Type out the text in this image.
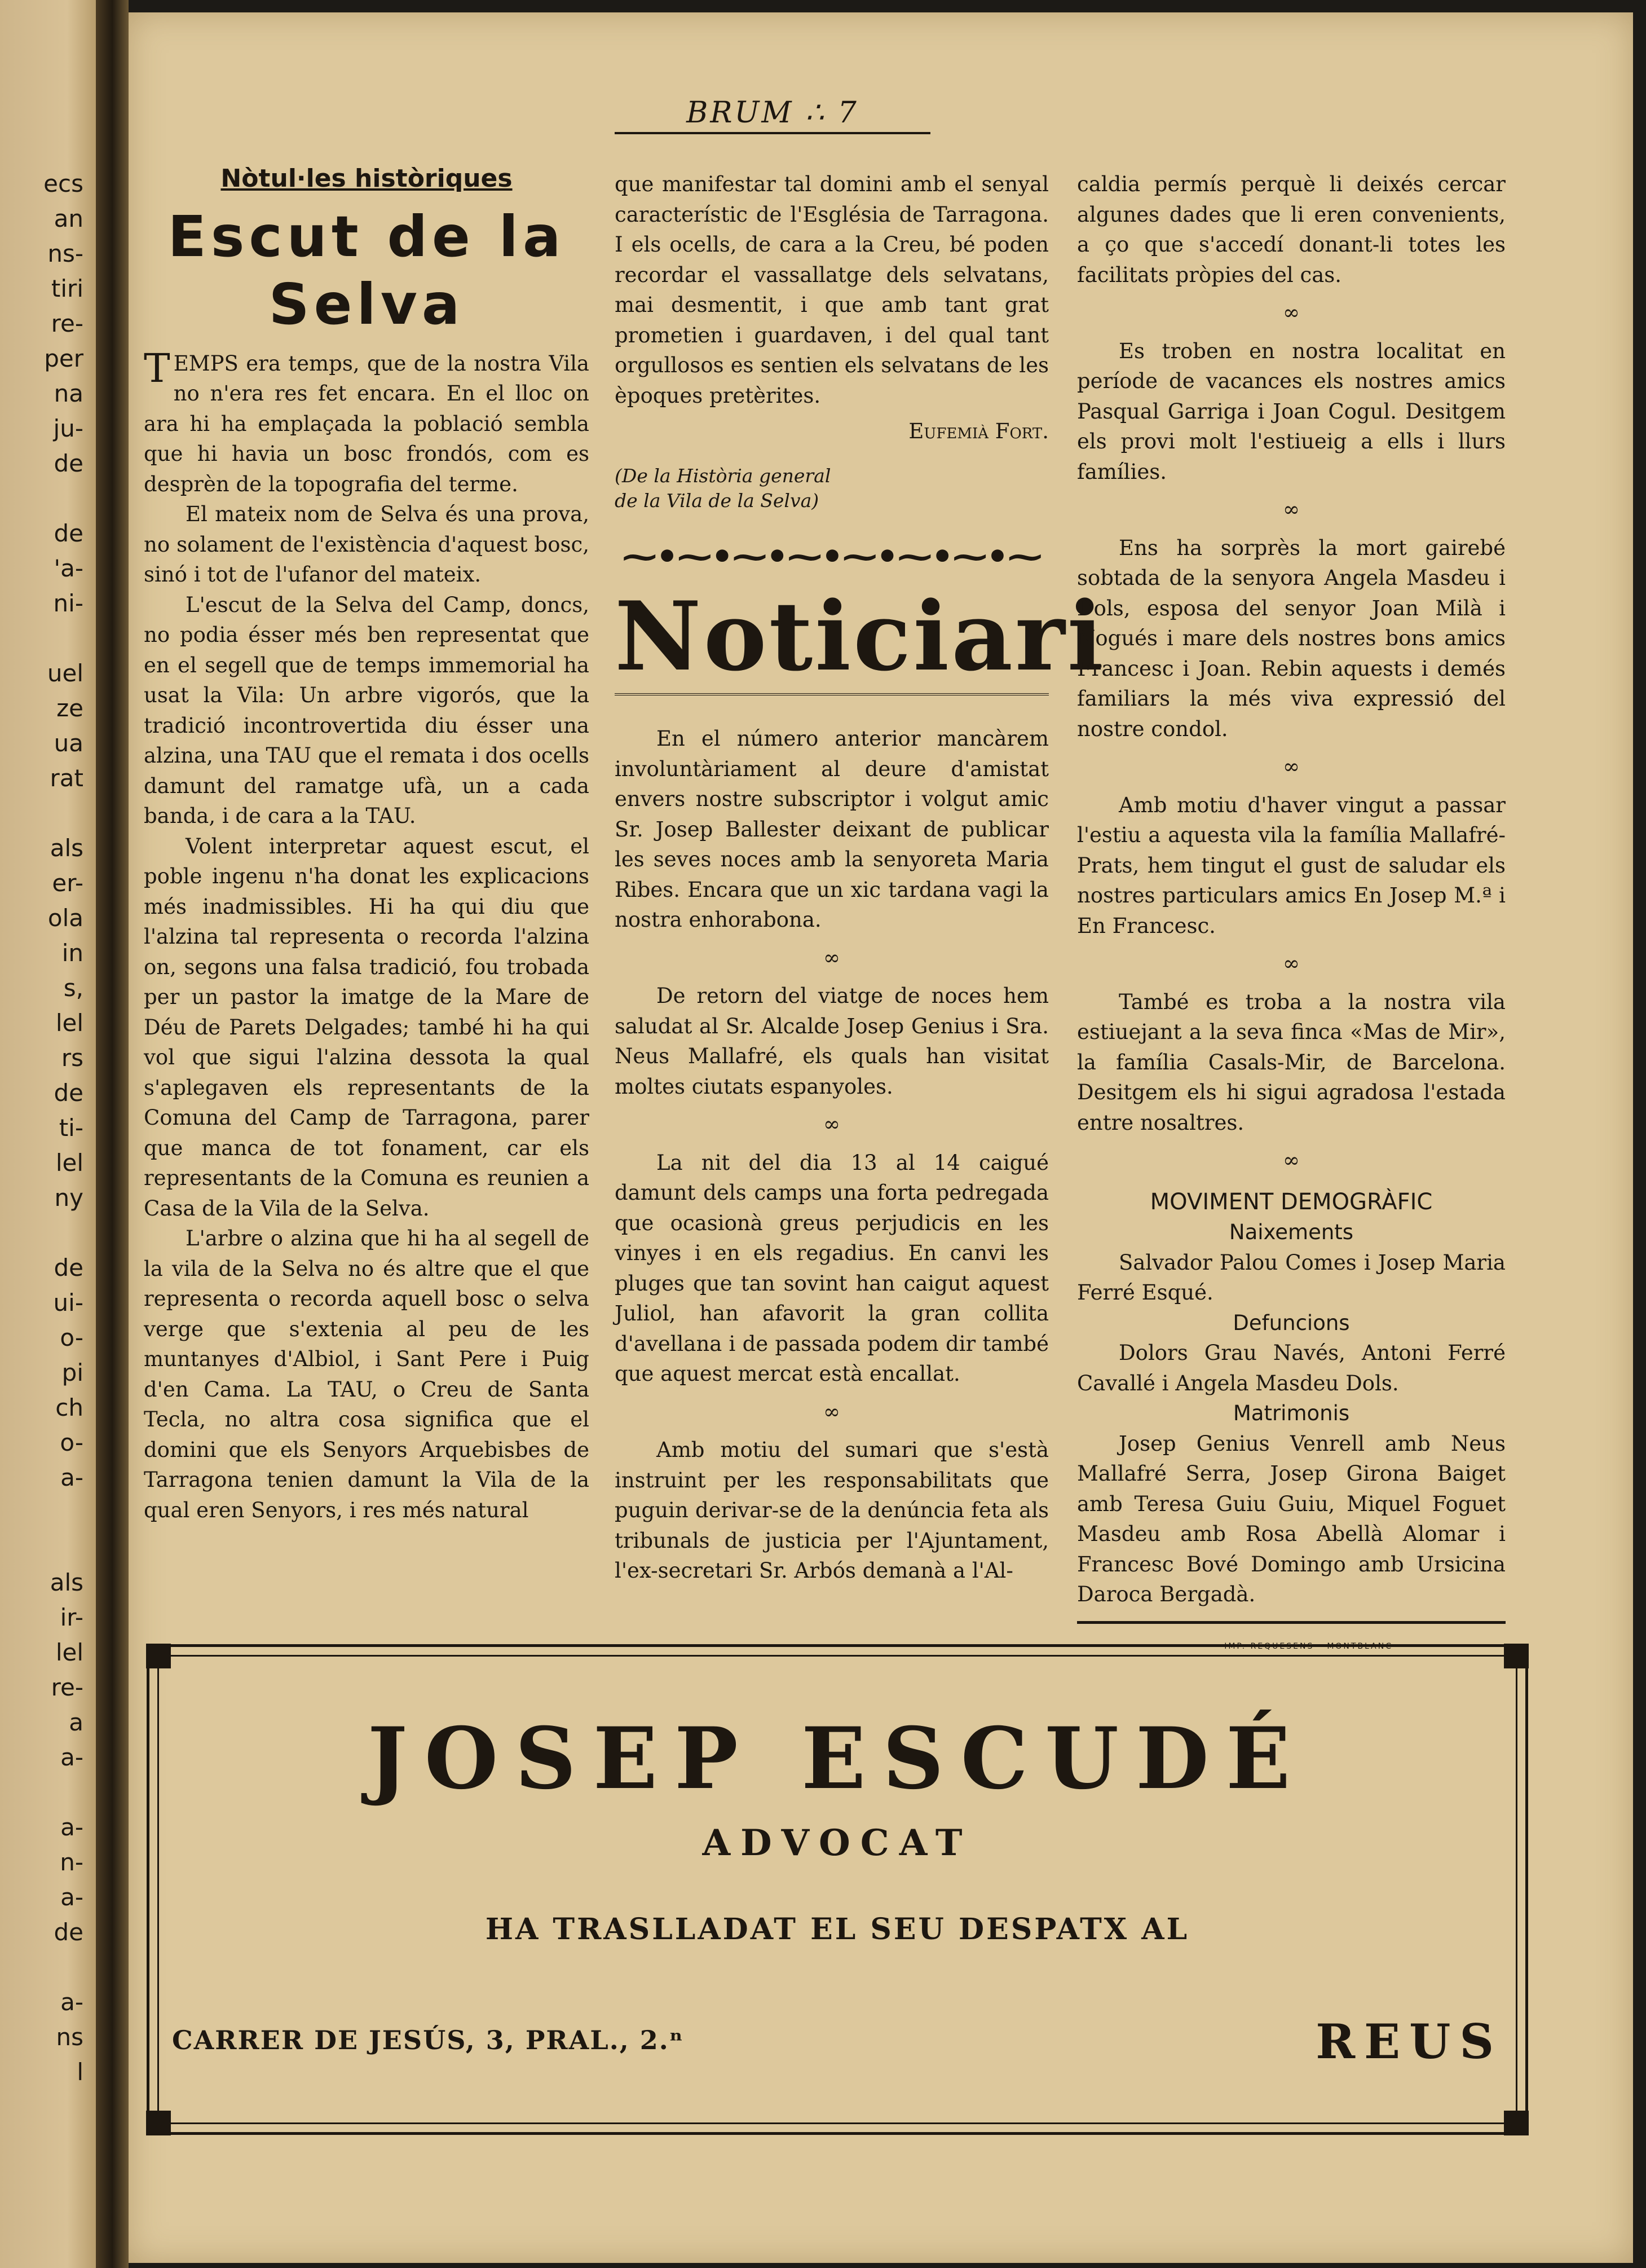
ecs
an
ns-
tiri
re-
per
na
ju-
de
de
'a-
ni-
uel
ze
ua
rat
als
er-
ola
in
s,
lel
rs
de
ti-
lel
ny
de
ui-
o-
pi
ch
o-
a-
als
ir-
lel
re-
a
a-
a-
n-
a-
de
a-
ns
l
BRUM ∴ 7
Nòtul·les històriques
Escut de la Selva

TEMPS era temps, que de la nostra Vila no n'era res fet encara. En el lloc on ara hi ha emplaçada la població sembla que hi havia un bosc frondós, com es desprèn de la topografia del terme.

El mateix nom de Selva és una prova, no solament de l'existència d'aquest bosc, sinó i tot de l'ufanor del mateix.

L'escut de la Selva del Camp, doncs, no podia ésser més ben representat que en el segell que de temps immemorial ha usat la Vila: Un arbre vigorós, que la tradició incontrovertida diu ésser una alzina, una TAU que el remata i dos ocells damunt del ramatge ufà, un a cada banda, i de cara a la TAU.

Volent interpretar aquest escut, el poble ingenu n'ha donat les explicacions més inadmissibles. Hi ha qui diu que l'alzina tal representa o recorda l'alzina on, segons una falsa tradició, fou trobada per un pastor la imatge de la Mare de Déu de Parets Delgades; també hi ha qui vol que sigui l'alzina dessota la qual s'aplegaven els representants de la Comuna del Camp de Tarragona, parer que manca de tot fonament, car els representants de la Comuna es reunien a Casa de la Vila de la Selva.

L'arbre o alzina que hi ha al segell de la vila de la Selva no és altre que el que representa o recorda aquell bosc o selva verge que s'extenia al peu de les muntanyes d'Albiol, i Sant Pere i Puig d'en Cama. La TAU, o Creu de Santa Tecla, no altra cosa significa que el domini que els Senyors Arquebisbes de Tarragona tenien damunt la Vila de la qual eren Senyors, i res més natural

que manifestar tal domini amb el senyal característic de l'Església de Tarragona. I els ocells, de cara a la Creu, bé poden recordar el vassallatge dels selvatans, mai desmentit, i que amb tant grat prometien i guardaven, i del qual tant orgullosos es sentien els selvatans de les èpoques pretèrites.

Eufemià Fort.
(De la Història general
de la Vila de la Selva)
⁓•⁓•⁓•⁓•⁓•⁓•⁓•⁓
Noticiari

En el número anterior mancàrem involuntàriament al deure d'amistat envers nostre subscriptor i volgut amic Sr. Josep Ballester deixant de publicar les seves noces amb la senyoreta Maria Ribes. Encara que un xic tardana vagi la nostra enhorabona.

∞

De retorn del viatge de noces hem saludat al Sr. Alcalde Josep Genius i Sra. Neus Mallafré, els quals han visitat moltes ciutats espanyoles.

∞

La nit del dia 13 al 14 caigué damunt dels camps una forta pedregada que ocasionà greus perjudicis en les vinyes i en els regadius. En canvi les pluges que tan sovint han caigut aquest Juliol, han afavorit la gran collita d'avellana i de passada podem dir també que aquest mercat està encallat.

∞

Amb motiu del sumari que s'està instruint per les responsabilitats que puguin derivar-se de la denúncia feta als tribunals de justicia per l'Ajuntament, l'ex-secretari Sr. Arbós demanà a l'Al-

caldia permís perquè li deixés cercar algunes dades que li eren convenients, a ço que s'accedí donant-li totes les facilitats pròpies del cas.

∞

Es troben en nostra localitat en període de vacances els nostres amics Pasqual Garriga i Joan Cogul. Desitgem els provi molt l'estiueig a ells i llurs famílies.

∞

Ens ha sorprès la mort gairebé sobtada de la senyora Angela Masdeu i Dols, esposa del senyor Joan Milà i Nogués i mare dels nostres bons amics Francesc i Joan. Rebin aquests i demés familiars la més viva expressió del nostre condol.

∞

Amb motiu d'haver vingut a passar l'estiu a aquesta vila la família Mallafré-Prats, hem tingut el gust de saludar els nostres particulars amics En Josep M.ª i En Francesc.

∞

També es troba a la nostra vila estiuejant a la seva finca «Mas de Mir», la família Casals-Mir, de Barcelona. Desitgem els hi sigui agradosa l'estada entre nosaltres.

∞
MOVIMENT DEMOGRÀFIC
Naixements

Salvador Palou Comes i Josep Maria Ferré Esqué.

Defuncions

Dolors Grau Navés, Antoni Ferré Cavallé i Angela Masdeu Dols.

Matrimonis

Josep Genius Venrell amb Neus Mallafré Serra, Josep Girona Baiget amb Teresa Guiu Guiu, Miquel Foguet Masdeu amb Rosa Abellà Alomar i Francesc Bové Domingo amb Ursicina Daroca Bergadà.

IMP. REQUESENS - MONTBLANC
JOSEP ESCUDÉ
ADVOCAT
HA TRASLLADAT EL SEU DESPATX AL
CARRER DE JESÚS, 3, PRAL., 2.ⁿ	REUS
